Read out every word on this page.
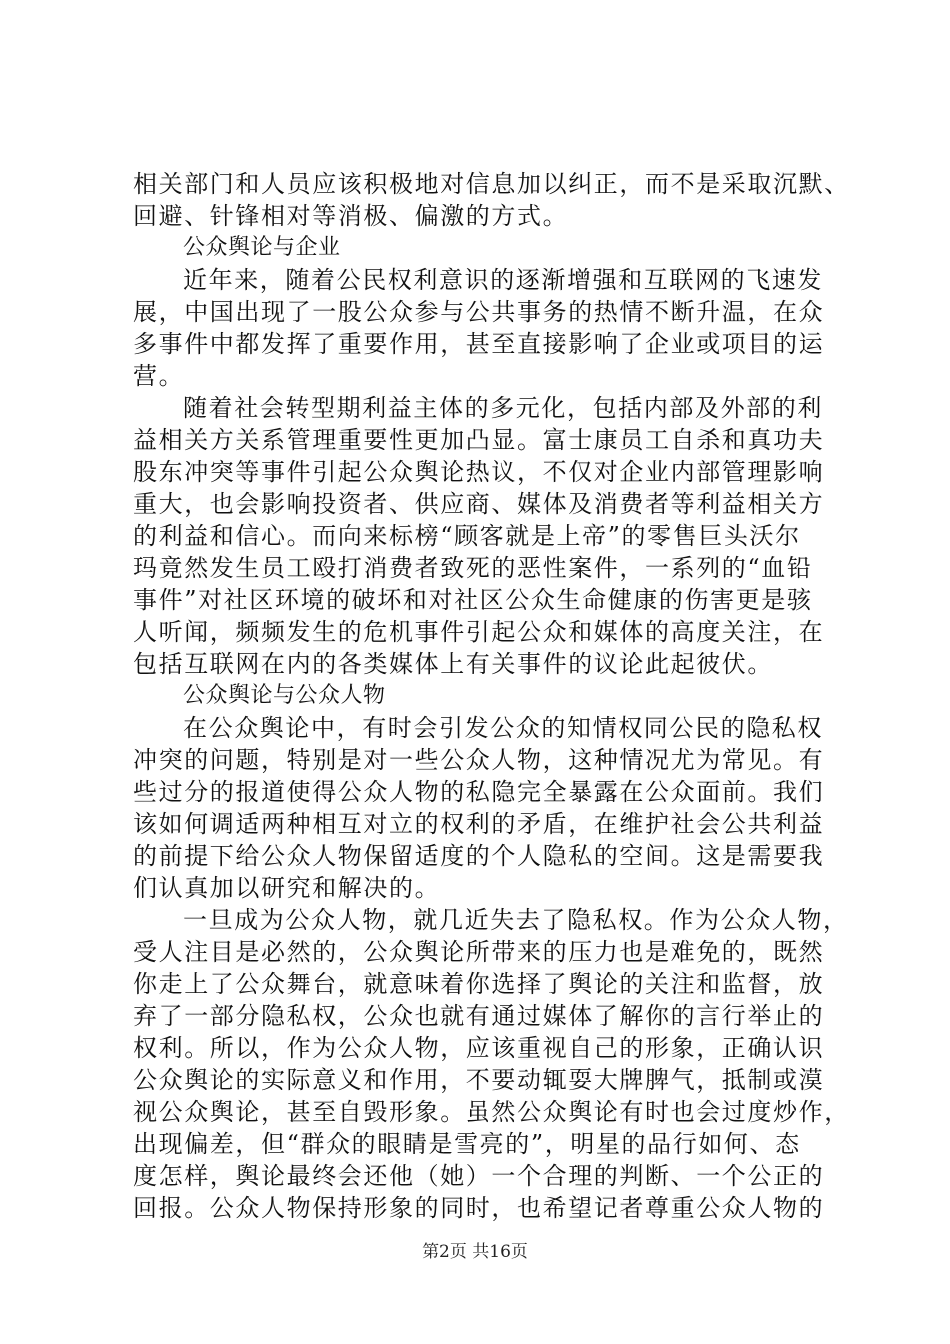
相关部门和人员应该积极地对信息加以纠正，而不是采取沉默、
回避、针锋相对等消极、偏激的方式。
公众舆论与企业
近年来，随着公民权利意识的逐渐增强和互联网的飞速发
展，中国出现了一股公众参与公共事务的热情不断升温，在众
多事件中都发挥了重要作用，甚至直接影响了企业或项目的运
营。
随着社会转型期利益主体的多元化，包括内部及外部的利
益相关方关系管理重要性更加凸显。富士康员工自杀和真功夫
股东冲突等事件引起公众舆论热议，不仅对企业内部管理影响
重大，也会影响投资者、供应商、媒体及消费者等利益相关方
的利益和信心。而向来标榜“顾客就是上帝”的零售巨头沃尔
玛竟然发生员工殴打消费者致死的恶性案件，一系列的“血铅
事件”对社区环境的破坏和对社区公众生命健康的伤害更是骇
人听闻，频频发生的危机事件引起公众和媒体的高度关注，在
包括互联网在内的各类媒体上有关事件的议论此起彼伏。
公众舆论与公众人物
在公众舆论中，有时会引发公众的知情权同公民的隐私权
冲突的问题，特别是对一些公众人物，这种情况尤为常见。有
些过分的报道使得公众人物的私隐完全暴露在公众面前。我们
该如何调适两种相互对立的权利的矛盾，在维护社会公共利益
的前提下给公众人物保留适度的个人隐私的空间。这是需要我
们认真加以研究和解决的。
一旦成为公众人物，就几近失去了隐私权。作为公众人物，
受人注目是必然的，公众舆论所带来的压力也是难免的，既然
你走上了公众舞台，就意味着你选择了舆论的关注和监督，放
弃了一部分隐私权，公众也就有通过媒体了解你的言行举止的
权利。所以，作为公众人物，应该重视自己的形象，正确认识
公众舆论的实际意义和作用，不要动辄耍大牌脾气，抵制或漠
视公众舆论，甚至自毁形象。虽然公众舆论有时也会过度炒作，
出现偏差，但“群众的眼睛是雪亮的”，明星的品行如何、态
度怎样，舆论最终会还他（她）一个合理的判断、一个公正的
回报。公众人物保持形象的同时，也希望记者尊重公众人物的
第2页 共16页
